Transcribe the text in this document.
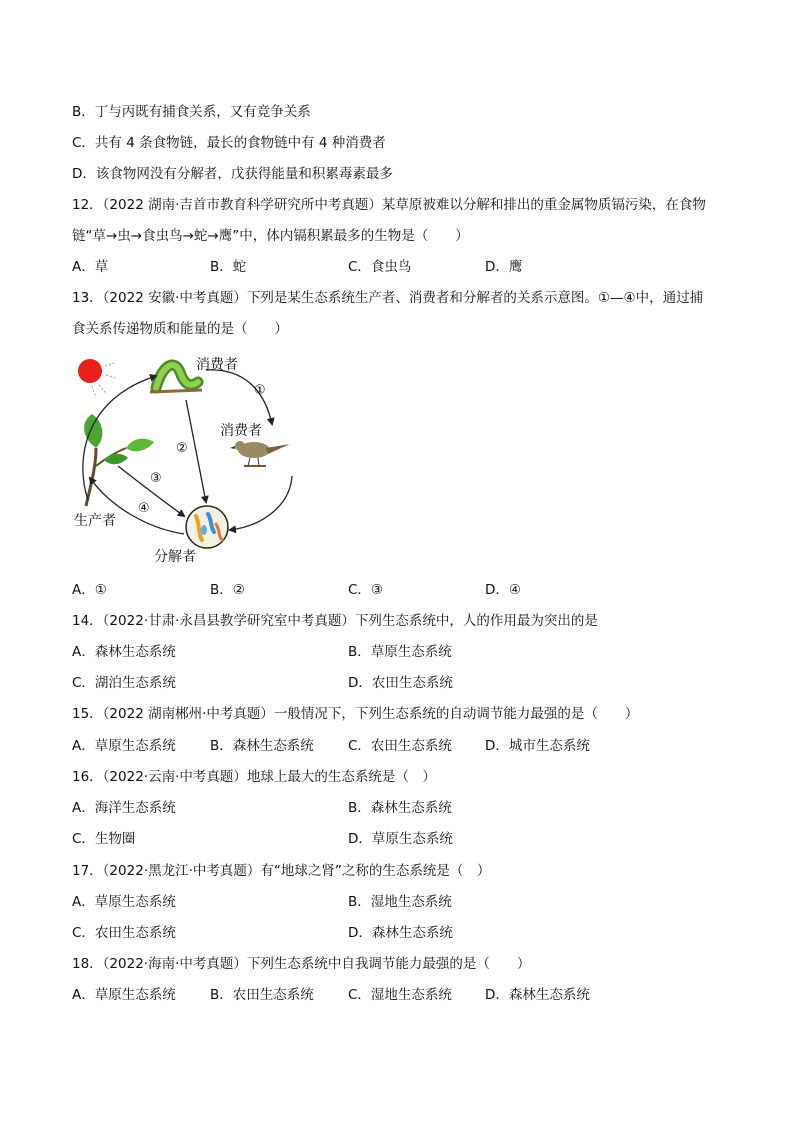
B．丁与丙既有捕食关系，又有竞争关系
C．共有 4 条食物链，最长的食物链中有 4 种消费者
D．该食物网没有分解者，戊获得能量和积累毒素最多
12．（2022 湖南·吉首市教育科学研究所中考真题）某草原被难以分解和排出的重金属物质镉污染，在食物
链“草→虫→食虫鸟→蛇→鹰”中，体内镉积累最多的生物是（　　）
A．草	B．蛇	C．食虫鸟	D．鹰
13．（2022 安徽·中考真题）下列是某生态系统生产者、消费者和分解者的关系示意图。①—④中，通过捕
食关系传递物质和能量的是（　　）
消费者
①
消费者
②
③
④
生产者
分解者
A．①	B．②	C．③	D．④
14．（2022·甘肃·永昌县教学研究室中考真题）下列生态系统中，人的作用最为突出的是
A．森林生态系统	B．草原生态系统
C．湖泊生态系统	D．农田生态系统
15．（2022 湖南郴州·中考真题）一般情况下，下列生态系统的自动调节能力最强的是（　　）
A．草原生态系统	B．森林生态系统	C．农田生态系统 D．城市生态系统
16．（2022·云南·中考真题）地球上最大的生态系统是（　）
A．海洋生态系统	B．森林生态系统
C．生物圈	D．草原生态系统
17．（2022·黑龙江·中考真题）有“地球之肾”之称的生态系统是（　）
A．草原生态系统	B．湿地生态系统
C．农田生态系统	D．森林生态系统
18．（2022·海南·中考真题）下列生态系统中自我调节能力最强的是（　　）
A．草原生态系统	B．农田生态系统	C．湿地生态系统 D．森林生态系统
